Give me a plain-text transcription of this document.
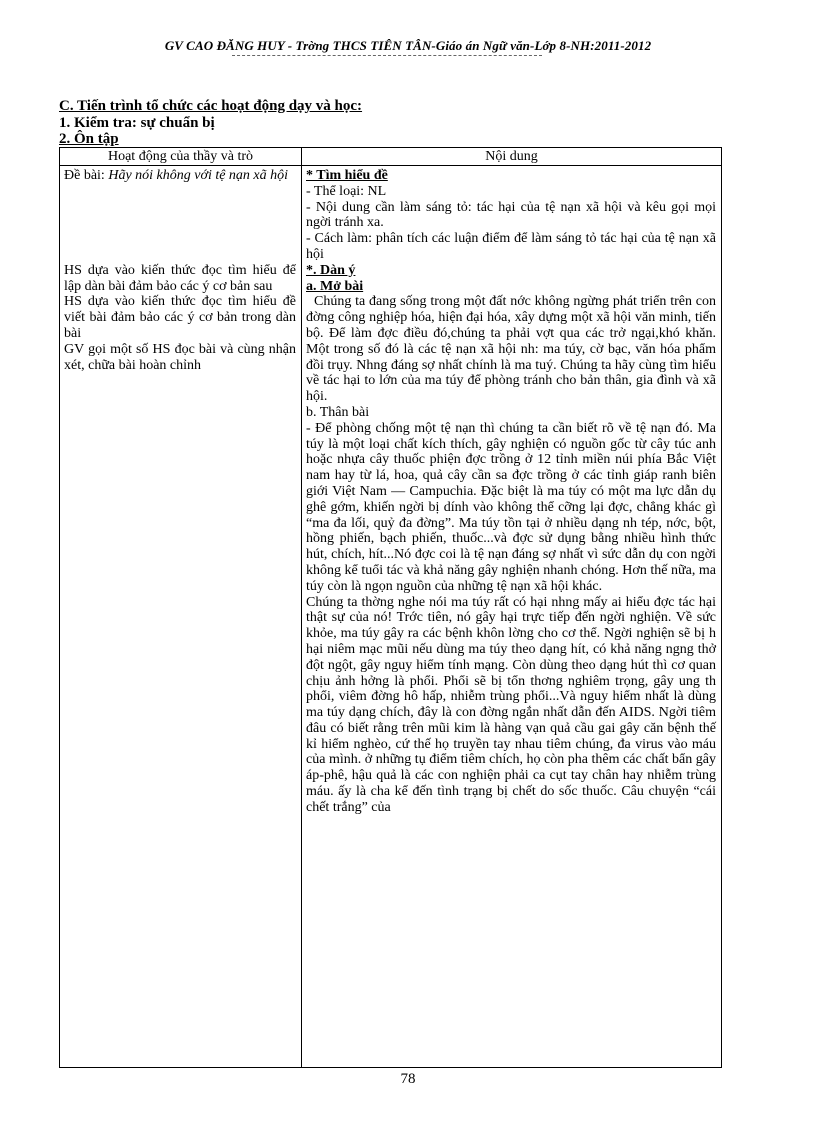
GV CAO ĐĂNG HUY - Trờng THCS TIÊN TÂN-Giáo án Ngữ văn-Lớp 8-NH:2011-2012
C. Tiến trình tổ chức các hoạt động dạy và học:
1. Kiểm tra: sự chuẩn bị
2. Ôn tập
Hoạt động của thầy và trò	Nội dung

Đề bài: Hãy nói không với tệ nạn xã hội

HS dựa vào kiến thức đọc tìm hiểu để lập dàn bài đảm bảo các ý cơ bản sau

HS dựa vào kiến thức đọc tìm hiểu đề viết bài đảm bảo các ý cơ bản trong dàn bài

GV gọi một số HS đọc bài và cùng nhận xét, chữa bài hoàn chỉnh

* Tìm hiểu đề

- Thể loại: NL

- Nội dung cần làm sáng tỏ: tác hại của tệ nạn xã hội và kêu gọi mọi ngời tránh xa.

- Cách làm: phân tích các luận điểm để làm sáng tỏ tác hại của tệ nạn xã hội

*. Dàn ý

a. Mở bài

Chúng ta đang sống trong một đất nớc không ngừng phát triển trên con đờng công nghiệp hóa, hiện đại hóa, xây dựng một xã hội văn minh, tiến bộ. Để làm đợc điều đó,chúng ta phải vợt qua các trở ngại,khó khăn. Một trong số đó là các tệ nạn xã hội nh: ma túy, cờ bạc, văn hóa phẩm đồi trụy. Nhng đáng sợ nhất chính là ma tuý. Chúng ta hãy cùng tìm hiểu về tác hại to lớn của ma túy để phòng tránh cho bản thân, gia đình và xã hội.

b. Thân bài

- Để phòng chống một tệ nạn thì chúng ta cần biết rõ về tệ nạn đó. Ma túy là một loại chất kích thích, gây nghiện có nguồn gốc từ cây túc anh hoặc nhựa cây thuốc phiện đợc trồng ở 12 tỉnh miền núi phía Bắc Việt nam hay từ lá, hoa, quả cây cần sa đợc trồng ở các tỉnh giáp ranh biên giới Việt Nam — Campuchia. Đặc biệt là ma túy có một ma lực dẫn dụ ghê gớm, khiến ngời bị dính vào không thể cỡng lại đợc, chẳng khác gì “ma đa lối, quỷ đa đờng”. Ma túy tồn tại ở nhiều dạng nh tép, nớc, bột, hồng phiến, bạch phiến, thuốc...và đợc sử dụng bằng nhiều hình thức hút, chích, hít...Nó đợc coi là tệ nạn đáng sợ nhất vì sức dẫn dụ con ngời không kể tuổi tác và khả năng gây nghiện nhanh chóng. Hơn thế nữa, ma túy còn là ngọn nguồn của những tệ nạn xã hội khác.

Chúng ta thờng nghe nói ma túy rất có hại nhng mấy ai hiểu đợc tác hại thật sự của nó! Trớc tiên, nó gây hại trực tiếp đến ngời nghiện. Về sức khỏe, ma túy gây ra các bệnh khôn lờng cho cơ thể. Ngời nghiện sẽ bị h hại niêm mạc mũi nếu dùng ma túy theo dạng hít, có khả năng ngng thở đột ngột, gây nguy hiểm tính mạng. Còn dùng theo dạng hút thì cơ quan chịu ảnh hởng là phổi. Phổi sẽ bị tổn thơng nghiêm trọng, gây ung th phổi, viêm đờng hô hấp, nhiễm trùng phổi...Và nguy hiểm nhất là dùng ma túy dạng chích, đây là con đờng ngắn nhất dẫn đến AIDS. Ngời tiêm đâu có biết rằng trên mũi kim là hàng vạn quả cầu gai gây căn bệnh thế kỉ hiểm nghèo, cứ thế họ truyền tay nhau tiêm chúng, đa virus vào máu của mình. ở những tụ điểm tiêm chích, họ còn pha thêm các chất bẩn gây áp-phê, hậu quả là các con nghiện phải ca cụt tay chân hay nhiễm trùng máu. ấy là cha kể đến tình trạng bị chết do sốc thuốc. Câu chuyện “cái chết trắng” của

78
